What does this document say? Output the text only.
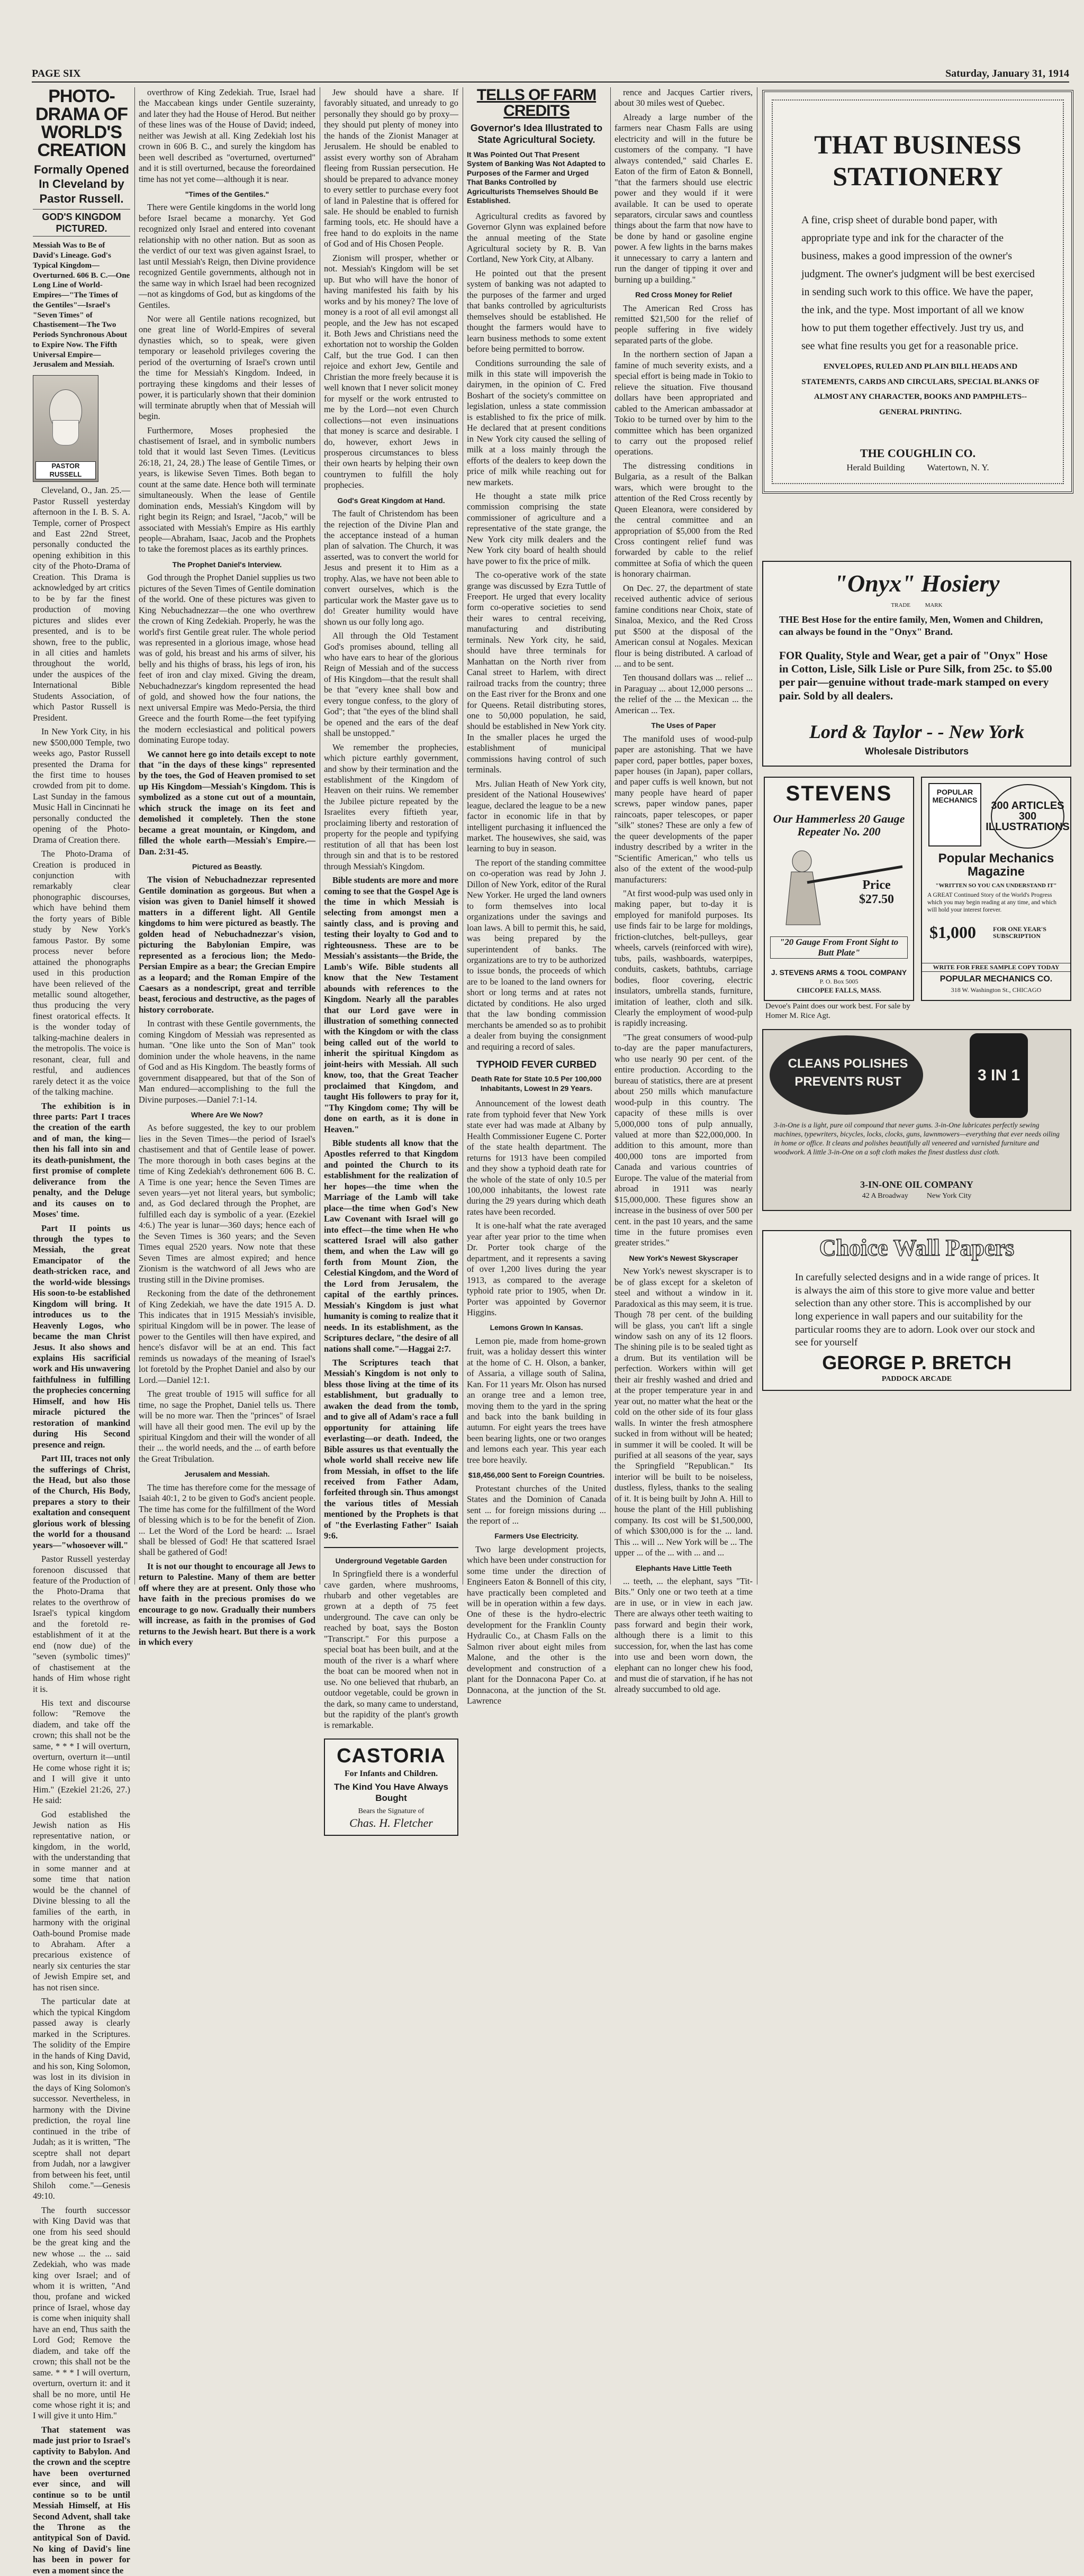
PAGE SIX	Saturday, January 31, 1914
PHOTO-DRAMA OF WORLD'S CREATION
Formally Opened In Cleveland by Pastor Russell.
GOD'S KINGDOM PICTURED.
Messiah Was to Be of David's Lineage. God's Typical Kingdom—Overturned. 606 B. C.—One Long Line of World-Empires—"The Times of the Gentiles"—Israel's "Seven Times" of Chastisement—The Two Periods Synchronous About to Expire Now. The Fifth Universal Empire—Jerusalem and Messiah.
PASTOR RUSSELL

Cleveland, O., Jan. 25.—Pastor Russell yesterday afternoon in the I. B. S. A. Temple, corner of Prospect and East 22nd Street, personally conducted the opening exhibition in this city of the Photo-Drama of Creation. This Drama is acknowledged by art critics to be by far the finest production of moving pictures and slides ever presented, and is to be shown, free to the public, in all cities and hamlets throughout the world, under the auspices of the International Bible Students Association, of which Pastor Russell is President.

In New York City, in his new $500,000 Temple, two weeks ago, Pastor Russell presented the Drama for the first time to houses crowded from pit to dome. Last Sunday in the famous Music Hall in Cincinnati he personally conducted the opening of the Photo-Drama of Creation there.

The Photo-Drama of Creation is produced in conjunction with remarkably clear phonographic discourses, which have behind them the forty years of Bible study by New York's famous Pastor. By some process never before attained the phonographs used in this production have been relieved of the metallic sound altogether, thus producing the very finest oratorical effects. It is the wonder today of talking-machine dealers in the metropolis. The voice is resonant, clear, full and restful, and audiences rarely detect it as the voice of the talking machine.

The exhibition is in three parts: Part I traces the creation of the earth and of man, the king—then his fall into sin and its death-punishment, the first promise of complete deliverance from the penalty, and the Deluge and its causes on to Moses' time.

Part II points us through the types to Messiah, the great Emancipator of the death-stricken race, and the world-wide blessings His soon-to-be established Kingdom will bring. It introduces us to the Heavenly Logos, who became the man Christ Jesus. It also shows and explains His sacrificial work and His unwavering faithfulness in fulfilling the prophecies concerning Himself, and how His miracle pictured the restoration of mankind during His Second presence and reign.

Part III, traces not only the sufferings of Christ, the Head, but also those of the Church, His Body, prepares a story to their exaltation and consequent glorious work of blessing the world for a thousand years—"whosoever will."

Pastor Russell yesterday forenoon discussed that feature of the Production of the Photo-Drama that relates to the overthrow of Israel's typical kingdom and the foretold re-establishment of it at the end (now due) of the "seven (symbolic times)" of chastisement at the hands of Him whose right it is.

His text and discourse follow: "Remove the diadem, and take off the crown; this shall not be the same, * * * I will overturn, overturn, overturn it—until He come whose right it is; and I will give it unto Him." (Ezekiel 21:26, 27.) He said:

God established the Jewish nation as His representative nation, or kingdom, in the world, with the understanding that in some manner and at some time that nation would be the channel of Divine blessing to all the families of the earth, in harmony with the original Oath-bound Promise made to Abraham. After a precarious existence of nearly six centuries the star of Jewish Empire set, and has not risen since.

The particular date at which the typical Kingdom passed away is clearly marked in the Scriptures. The solidity of the Empire in the hands of King David, and his son, King Solomon, was lost in its division in the days of King Solomon's successor. Nevertheless, in harmony with the Divine prediction, the royal line continued in the tribe of Judah; as it is written, "The sceptre shall not depart from Judah, nor a lawgiver from between his feet, until Shiloh come."—Genesis 49:10.

The fourth successor with King David was that one from his seed should be the great king and the new whose ... the ... said Zedekiah, who was made king over Israel; and of whom it is written, "And thou, profane and wicked prince of Israel, whose day is come when iniquity shall have an end, Thus saith the Lord God; Remove the diadem, and take off the crown; this shall not be the same. * * * I will overturn, overturn, overturn it: and it shall be no more, until He come whose right it is; and I will give it unto Him."

That statement was made just prior to Israel's captivity to Babylon. And the crown and the sceptre have been overturned ever since, and will continue so to be until Messiah Himself, at His Second Advent, shall take the Throne as the antitypical Son of David. No king of David's line has been in power for even a moment since the

overthrow of King Zedekiah. True, Israel had the Maccabean kings under Gentile suzerainty, and later they had the House of Herod. But neither of these lines was of the House of David; indeed, neither was Jewish at all. King Zedekiah lost his crown in 606 B. C., and surely the kingdom has been well described as "overturned, overturned" and it is still overturned, because the foreordained time has not yet come—although it is near.

"Times of the Gentiles."

There were Gentile kingdoms in the world long before Israel became a monarchy. Yet God recognized only Israel and entered into covenant relationship with no other nation. But as soon as the verdict of our text was given against Israel, to last until Messiah's Reign, then Divine providence recognized Gentile governments, although not in the same way in which Israel had been recognized—not as kingdoms of God, but as kingdoms of the Gentiles.

Nor were all Gentile nations recognized, but one great line of World-Empires of several dynasties which, so to speak, were given temporary or leasehold privileges covering the period of the overturning of Israel's crown until the time for Messiah's Kingdom. Indeed, in portraying these kingdoms and their lesses of power, it is particularly shown that their dominion will terminate abruptly when that of Messiah will begin.

Furthermore, Moses prophesied the chastisement of Israel, and in symbolic numbers told that it would last Seven Times. (Leviticus 26:18, 21, 24, 28.) The lease of Gentile Times, or years, is likewise Seven Times. Both began to count at the same date. Hence both will terminate simultaneously. When the lease of Gentile domination ends, Messiah's Kingdom will by right begin its Reign; and Israel, "Jacob," will be associated with Messiah's Empire as His earthly people—Abraham, Isaac, Jacob and the Prophets to take the foremost places as its earthly princes.

The Prophet Daniel's Interview.

God through the Prophet Daniel supplies us two pictures of the Seven Times of Gentile domination of the world. One of these pictures was given to King Nebuchadnezzar—the one who overthrew the crown of King Zedekiah. Properly, he was the world's first Gentile great ruler. The whole period was represented in a glorious image, whose head was of gold, his breast and his arms of silver, his belly and his thighs of brass, his legs of iron, his feet of iron and clay mixed. Giving the dream, Nebuchadnezzar's kingdom represented the head of gold, and showed how the four nations, the next universal Empire was Medo-Persia, the third Greece and the fourth Rome—the feet typifying the modern ecclesiastical and political powers dominating Europe today.

We cannot here go into details except to note that "in the days of these kings" represented by the toes, the God of Heaven promised to set up His Kingdom—Messiah's Kingdom. This is symbolized as a stone cut out of a mountain, which struck the image on its feet and demolished it completely. Then the stone became a great mountain, or Kingdom, and filled the whole earth—Messiah's Empire.—Dan. 2:31-45.

Pictured as Beastly.

The vision of Nebuchadnezzar represented Gentile domination as gorgeous. But when a vision was given to Daniel himself it showed matters in a different light. All Gentile kingdoms to him were pictured as beastly. The golden head of Nebuchadnezzar's vision, picturing the Babylonian Empire, was represented as a ferocious lion; the Medo-Persian Empire as a bear; the Grecian Empire as a leopard; and the Roman Empire of the Caesars as a nondescript, great and terrible beast, ferocious and destructive, as the pages of history corroborate.

In contrast with these Gentile governments, the coming Kingdom of Messiah was represented as human. "One like unto the Son of Man" took dominion under the whole heavens, in the name of God and as His Kingdom. The beastly forms of government disappeared, but that of the Son of Man endured—accomplishing to the full the Divine purposes.—Daniel 7:1-14.

Where Are We Now?

As before suggested, the key to our problem lies in the Seven Times—the period of Israel's chastisement and that of Gentile lease of power. The more thorough in both cases begins at the time of King Zedekiah's dethronement 606 B. C. A Time is one year; hence the Seven Times are seven years—yet not literal years, but symbolic; and, as God declared through the Prophet, are fulfilled each day is symbolic of a year. (Ezekiel 4:6.) The year is lunar—360 days; hence each of the Seven Times is 360 years; and the Seven Times equal 2520 years. Now note that these Seven Times are almost expired; and hence Zionism is the watchword of all Jews who are trusting still in the Divine promises.

Reckoning from the date of the dethronement of King Zedekiah, we have the date 1915 A. D. This indicates that in 1915 Messiah's invisible, spiritual Kingdom will be in power. The lease of power to the Gentiles will then have expired, and hence's disfavor will be at an end. This fact reminds us nowadays of the meaning of Israel's lot foretold by the Prophet Daniel and also by our Lord.—Daniel 12:1.

The great trouble of 1915 will suffice for all time, no sage the Prophet, Daniel tells us. There will be no more war. Then the "princes" of Israel will have all their good men. The evil up by the spiritual Kingdom and their will the wonder of all their ... the world needs, and the ... of earth before the Great Tribulation.

Jerusalem and Messiah.

The time has therefore come for the message of Isaiah 40:1, 2 to be given to God's ancient people. The time has come for the fulfillment of the Word of blessing which is to be for the benefit of Zion. ... Let the Word of the Lord be heard: ... Israel shall be blessed of God! He that scattered Israel shall be gathered of God!

It is not our thought to encourage all Jews to return to Palestine. Many of them are better off where they are at present. Only those who have faith in the precious promises do we encourage to go now. Gradually their numbers will increase, as faith in the promises of God returns to the Jewish heart. But there is a work in which every

Jew should have a share. If favorably situated, and unready to go personally they should go by proxy—they should put plenty of money into the hands of the Zionist Manager at Jerusalem. He should be enabled to assist every worthy son of Abraham fleeing from Russian persecution. He should be prepared to advance money to every settler to purchase every foot of land in Palestine that is offered for sale. He should be enabled to furnish farming tools, etc. He should have a free hand to do exploits in the name of God and of His Chosen People.

Zionism will prosper, whether or not. Messiah's Kingdom will be set up. But who will have the honor of having manifested his faith by his works and by his money? The love of money is a root of all evil amongst all people, and the Jew has not escaped it. Both Jews and Christians need the exhortation not to worship the Golden Calf, but the true God. I can then rejoice and exhort Jew, Gentile and Christian the more freely because it is well known that I never solicit money for myself or the work entrusted to me by the Lord—not even Church collections—not even insinuations that money is scarce and desirable. I do, however, exhort Jews in prosperous circumstances to bless their own hearts by helping their own countrymen to fulfill the holy prophecies.

God's Great Kingdom at Hand.

The fault of Christendom has been the rejection of the Divine Plan and the acceptance instead of a human plan of salvation. The Church, it was asserted, was to convert the world for Jesus and present it to Him as a trophy. Alas, we have not been able to convert ourselves, which is the particular work the Master gave us to do! Greater humility would have shown us our folly long ago.

All through the Old Testament God's promises abound, telling all who have ears to hear of the glorious Reign of Messiah and of the success of His Kingdom—that the result shall be that "every knee shall bow and every tongue confess, to the glory of God"; that "the eyes of the blind shall be opened and the ears of the deaf shall be unstopped."

We remember the prophecies, which picture earthly government, and show by their termination and the establishment of the Kingdom of Heaven on their ruins. We remember the Jubilee picture repeated by the Israelites every fiftieth year, proclaiming liberty and restoration of property for the people and typifying restitution of all that has been lost through sin and that is to be restored through Messiah's Kingdom.

Bible students are more and more coming to see that the Gospel Age is the time in which Messiah is selecting from amongst men a saintly class, and is proving and testing their loyalty to God and to righteousness. These are to be Messiah's assistants—the Bride, the Lamb's Wife. Bible students all know that the New Testament abounds with references to the Kingdom. Nearly all the parables that our Lord gave were in illustration of something connected with the Kingdom or with the class being called out of the world to inherit the spiritual Kingdom as joint-heirs with Messiah. All such know, too, that the Great Teacher proclaimed that Kingdom, and taught His followers to pray for it, "Thy Kingdom come; Thy will be done on earth, as it is done in Heaven."

Bible students all know that the Apostles referred to that Kingdom and pointed the Church to its establishment for the realization of her hopes—the time when the Marriage of the Lamb will take place—the time when God's New Law Covenant with Israel will go into effect—the time when He who scattered Israel will also gather them, and when the Law will go forth from Mount Zion, the Celestial Kingdom, and the Word of the Lord from Jerusalem, the capital of the earthly princes. Messiah's Kingdom is just what humanity is coming to realize that it needs. In its establishment, as the Scriptures declare, "the desire of all nations shall come."—Haggai 2:7.

The Scriptures teach that Messiah's Kingdom is not only to bless those living at the time of its establishment, but gradually to awaken the dead from the tomb, and to give all of Adam's race a full opportunity for attaining life everlasting—or death. Indeed, the Bible assures us that eventually the whole world shall receive new life from Messiah, in offset to the life received from Father Adam, forfeited through sin. Thus amongst the various titles of Messiah mentioned by the Prophets is that of "the Everlasting Father" Isaiah 9:6.

Underground Vegetable Garden

In Springfield there is a wonderful cave garden, where mushrooms, rhubarb and other vegetables are grown at a depth of 75 feet underground. The cave can only be reached by boat, says the Boston "Transcript." For this purpose a special boat has been built, and at the mouth of the river is a wharf where the boat can be moored when not in use. No one believed that rhubarb, an outdoor vegetable, could be grown in the dark, so many came to understand, but the rapidity of the plant's growth is remarkable.

CASTORIA
For Infants and Children.
The Kind You Have Always Bought
Bears the Signature of
Chas. H. Fletcher
TELLS OF FARM CREDITS
Governor's Idea Illustrated to State Agricultural Society.
It Was Pointed Out That Present System of Banking Was Not Adapted to Purposes of the Farmer and Urged That Banks Controlled by Agriculturists Themselves Should Be Established.

Agricultural credits as favored by Governor Glynn was explained before the annual meeting of the State Agricultural society by R. B. Van Cortland, New York City, at Albany.

He pointed out that the present system of banking was not adapted to the purposes of the farmer and urged that banks controlled by agriculturists themselves should be established. He thought the farmers would have to learn business methods to some extent before being permitted to borrow.

Conditions surrounding the sale of milk in this state will impoverish the dairymen, in the opinion of C. Fred Boshart of the society's committee on legislation, unless a state commission is established to fix the price of milk. He declared that at present conditions in New York city caused the selling of milk at a loss mainly through the efforts of the dealers to keep down the price of milk while reaching out for new markets.

He thought a state milk price commission comprising the state commissioner of agriculture and a representative of the state grange, the New York city milk dealers and the New York city board of health should have power to fix the price of milk.

The co-operative work of the state grange was discussed by Ezra Tuttle of Freeport. He urged that every locality form co-operative societies to send their wares to central receiving, manufacturing and distributing terminals. New York city, he said, should have three terminals for Manhattan on the North river from Canal street to Harlem, with direct railroad tracks from the country; three on the East river for the Bronx and one for Queens. Retail distributing stores, one to 50,000 population, he said, should be established in New York city. In the smaller places he urged the establishment of municipal commissions having control of such terminals.

Mrs. Julian Heath of New York city, president of the National Housewives' league, declared the league to be a new factor in economic life in that by intelligent purchasing it influenced the market. The housewives, she said, was learning to buy in season.

The report of the standing committee on co-operation was read by John J. Dillon of New York, editor of the Rural New Yorker. He urged the land owners to form themselves into local organizations under the savings and loan laws. A bill to permit this, he said, was being prepared by the superintendent of banks. The organizations are to try to be authorized to issue bonds, the proceeds of which are to be loaned to the land owners for short or long terms and at rates not dictated by conditions. He also urged that the law bonding commission merchants be amended so as to prohibit a dealer from buying the consignment and requiring a record of sales.

TYPHOID FEVER CURBED
Death Rate for State 10.5 Per 100,000 Inhabitants, Lowest In 29 Years.

Announcement of the lowest death rate from typhoid fever that New York state ever had was made at Albany by Health Commissioner Eugene C. Porter of the state health department. The returns for 1913 have been compiled and they show a typhoid death rate for the whole of the state of only 10.5 per 100,000 inhabitants, the lowest rate during the 29 years during which death rates have been recorded.

It is one-half what the rate averaged year after year prior to the time when Dr. Porter took charge of the department, and it represents a saving of over 1,200 lives during the year 1913, as compared to the average typhoid rate prior to 1905, when Dr. Porter was appointed by Governor Higgins.

Lemons Grown In Kansas.

Lemon pie, made from home-grown fruit, was a holiday dessert this winter at the home of C. H. Olson, a banker, of Assaria, a village south of Salina, Kan. For 11 years Mr. Olson has nursed an orange tree and a lemon tree, moving them to the yard in the spring and back into the bank building in autumn. For eight years the trees have been bearing lights, one or two oranges and lemons each year. This year each tree bore heavily.

$18,456,000 Sent to Foreign Countries.

Protestant churches of the United States and the Dominion of Canada sent ... for foreign missions during ... the report of ...

Farmers Use Electricity.

Two large development projects, which have been under construction for some time under the direction of Engineers Eaton & Bonnell of this city, have practically been completed and will be in operation within a few days. One of these is the hydro-electric development for the Franklin County Hydraulic Co., at Chasm Falls on the Salmon river about eight miles from Malone, and the other is the development and construction of a plant for the Donnacona Paper Co. at Donnacona, at the junction of the St. Lawrence

rence and Jacques Cartier rivers, about 30 miles west of Quebec.

Already a large number of the farmers near Chasm Falls are using electricity and will in the future be customers of the company. "I have always contended," said Charles E. Eaton of the firm of Eaton & Bonnell, "that the farmers should use electric power and they would if it were available. It can be used to operate separators, circular saws and countless things about the farm that now have to be done by hand or gasoline engine power. A few lights in the barns makes it unnecessary to carry a lantern and run the danger of tipping it over and burning up a building."

Red Cross Money for Relief

The American Red Cross has remitted $21,500 for the relief of people suffering in five widely separated parts of the globe.

In the northern section of Japan a famine of much severity exists, and a special effort is being made in Tokio to relieve the situation. Five thousand dollars have been appropriated and cabled to the American ambassador at Tokio to be turned over by him to the committee which has been organized to carry out the proposed relief operations.

The distressing conditions in Bulgaria, as a result of the Balkan wars, which were brought to the attention of the Red Cross recently by Queen Eleanora, were considered by the central committee and an appropriation of $5,000 from the Red Cross contingent relief fund was forwarded by cable to the relief committee at Sofia of which the queen is honorary chairman.

On Dec. 27, the department of state received authentic advice of serious famine conditions near Choix, state of Sinaloa, Mexico, and the Red Cross put $500 at the disposal of the American consul at Nogales. Mexican flour is being distributed. A carload of ... and to be sent.

Ten thousand dollars was ... relief ... in Paraguay ... about 12,000 persons ... the relief of the ... the Mexican ... the American ... Tex.

The Uses of Paper

The manifold uses of wood-pulp paper are astonishing. That we have paper cord, paper bottles, paper boxes, paper houses (in Japan), paper collars, and paper cuffs is well known, but not many people have heard of paper screws, paper window panes, paper raincoats, paper telescopes, or paper "silk" stones? These are only a few of the queer developments of the paper industry described by a writer in the "Scientific American," who tells us also of the extent of the wood-pulp manufacturers:

"At first wood-pulp was used only in making paper, but to-day it is employed for manifold purposes. Its use finds fair to be large for moldings, friction-clutches, belt-pulleys, gear wheels, carvels (reinforced with wire), tubs, pails, washboards, waterpipes, conduits, caskets, bathtubs, carriage bodies, floor covering, electric insulators, umbrella stands, furniture, imitation of leather, cloth and silk. Clearly the employment of wood-pulp is rapidly increasing.

"The great consumers of wood-pulp to-day are the paper manufacturers, who use nearly 90 per cent. of the entire production. According to the bureau of statistics, there are at present about 250 mills which manufacture wood-pulp in this country. The capacity of these mills is over 5,000,000 tons of pulp annually, valued at more than $22,000,000. In addition to this amount, more than 400,000 tons are imported from Canada and various countries of Europe. The value of the material from abroad in 1911 was nearly $15,000,000. These figures show an increase in the business of over 500 per cent. in the past 10 years, and the same time in the future promises even greater strides."

New York's Newest Skyscraper

New York's newest skyscraper is to be of glass except for a skeleton of steel and without a window in it. Paradoxical as this may seem, it is true. Though 78 per cent. of the building will be glass, you can't lift a single window sash on any of its 12 floors. The shining pile is to be sealed tight as a drum. But its ventilation will be perfection. Workers within will get their air freshly washed and dried and at the proper temperature year in and year out, no matter what the heat or the cold on the other side of its four glass walls. In winter the fresh atmosphere sucked in from without will be heated; in summer it will be cooled. It will be purified at all seasons of the year, says the Springfield "Republican." Its interior will be built to be noiseless, dustless, flyless, thanks to the sealing of it. It is being built by John A. Hill to house the plant of the Hill publishing company. Its cost will be $1,500,000, of which $300,000 is for the ... land. This ... will ... New York will be ... The upper ... of the ... with ... and ...

Elephants Have Little Teeth

... teeth, ... the elephant, says "Tit-Bits." Only one or two teeth at a time are in use, or in view in each jaw. There are always other teeth waiting to pass forward and begin their work, although there is a limit to this succession, for, when the last has come into use and been worn down, the elephant can no longer chew his food, and must die of starvation, if he has not already succumbed to old age.

THAT BUSINESS
STATIONERY
A fine, crisp sheet of durable bond paper, with appropriate type and ink for the character of the business, makes a good impression of the owner's judgment. The owner's judgment will be best exercised in sending such work to this office. We have the paper, the ink, and the type. Most important of all we know how to put them together effectively. Just try us, and see what fine results you get for a reasonable price.
ENVELOPES, RULED AND PLAIN BILL HEADS AND STATEMENTS, CARDS AND CIRCULARS, SPECIAL BLANKS OF ALMOST ANY CHARACTER, BOOKS AND PAMPHLETS--GENERAL PRINTING.
THE COUGHLIN CO.
Herald Building          Watertown, N. Y.
"Onyx" Hosiery
TRADE          MARK
THE Best Hose for the entire family, Men, Women and Children, can always be found in the "Onyx" Brand.
FOR Quality, Style and Wear, get a pair of "Onyx" Hose in Cotton, Lisle, Silk Lisle or Pure Silk, from 25c. to $5.00 per pair—genuine without trade-mark stamped on every pair. Sold by all dealers.
Lord & Taylor - - New York
Wholesale Distributors
STEVENS
Our Hammerless 20 Gauge Repeater No. 200
Price $27.50
"20 Gauge From Front Sight to Butt Plate"
J. STEVENS ARMS & TOOL COMPANY
P. O. Box 5005
CHICOPEE FALLS, MASS.
POPULAR MECHANICS	300 ARTICLES 300 ILLUSTRATIONS
Popular Mechanics Magazine
"WRITTEN SO YOU CAN UNDERSTAND IT"
A GREAT Continued Story of the World's Progress which you may begin reading at any time, and which will hold your interest forever.
$1,000	FOR ONE YEAR'S SUBSCRIPTION
WRITE FOR FREE SAMPLE COPY TODAY
POPULAR MECHANICS CO.
318 W. Washington St., CHICAGO
Devoe's Paint does our work best. For sale by Homer M. Rice Agt.
CLEANS POLISHES
PREVENTS RUST	3 IN 1
3-in-One is a light, pure oil compound that never gums. 3-in-One lubricates perfectly sewing machines, typewriters, bicycles, locks, clocks, guns, lawnmowers—everything that ever needs oiling in home or office. It cleans and polishes beautifully all veneered and varnished furniture and woodwork. A little 3-in-One on a soft cloth makes the finest dustless dust cloth.
3-IN-ONE OIL COMPANY
42 A Broadway          New York City
Choice Wall Papers
In carefully selected designs and in a wide range of prices. It is always the aim of this store to give more value and better selection than any other store. This is accomplished by our long experience in wall papers and our suitability for the particular rooms they are to adorn. Look over our stock and see for yourself
GEORGE P. BRETCH
PADDOCK ARCADE
